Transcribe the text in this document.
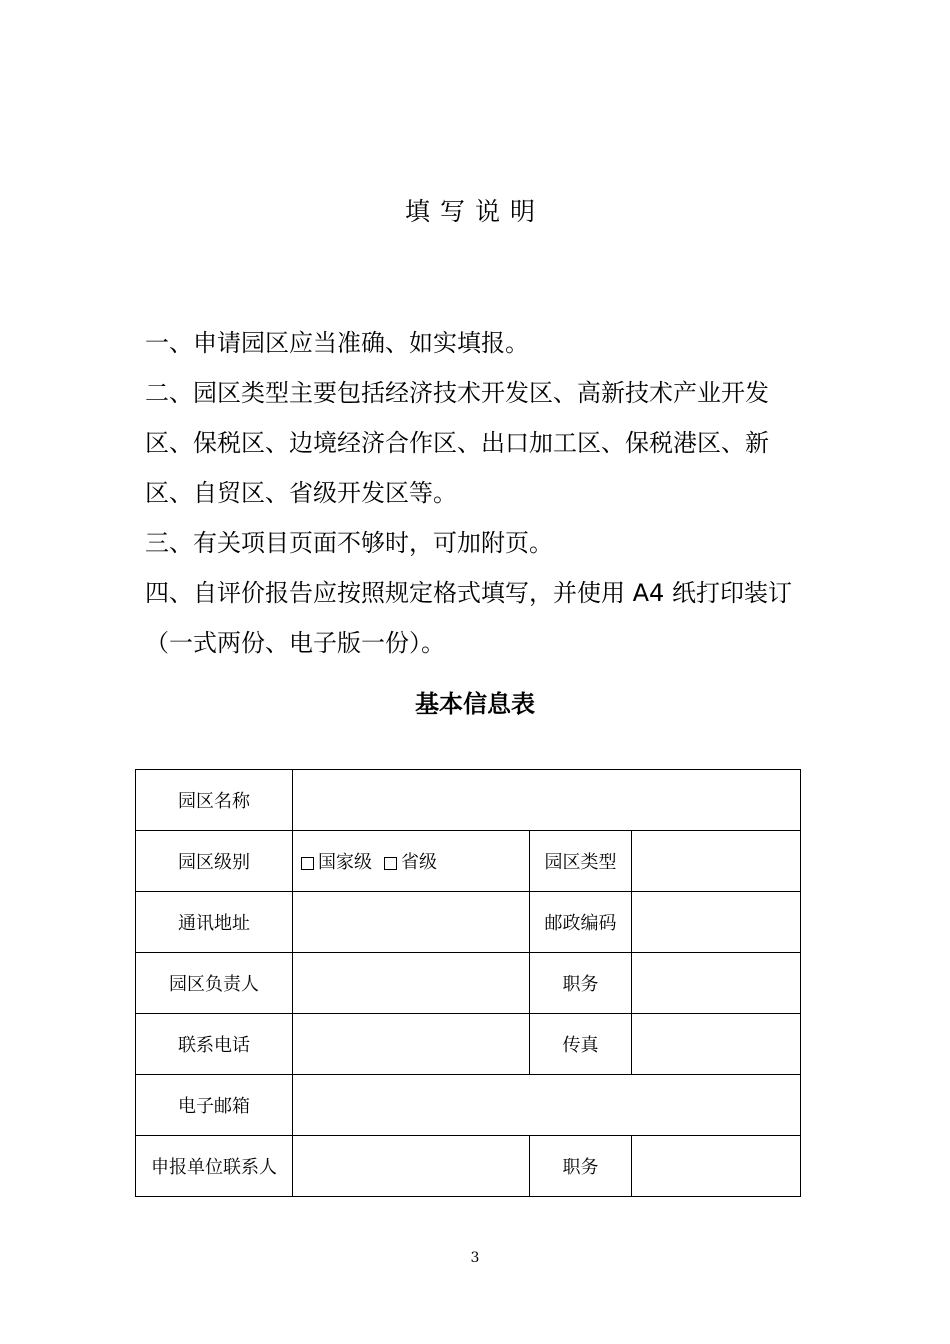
填写说明

一、申请园区应当准确、如实填报。

二、园区类型主要包括经济技术开发区、高新技术产业开发区、保税区、边境经济合作区、出口加工区、保税港区、新区、自贸区、省级开发区等。

三、有关项目页面不够时，可加附页。

四、自评价报告应按照规定格式填写，并使用 A4 纸打印装订（一式两份、电子版一份）。

基本信息表
园区名称			
园区级别	国家级 省级	园区类型	
通讯地址		邮政编码	
园区负责人		职务	
联系电话		传真	
电子邮箱			
申报单位联系人		职务	
3
